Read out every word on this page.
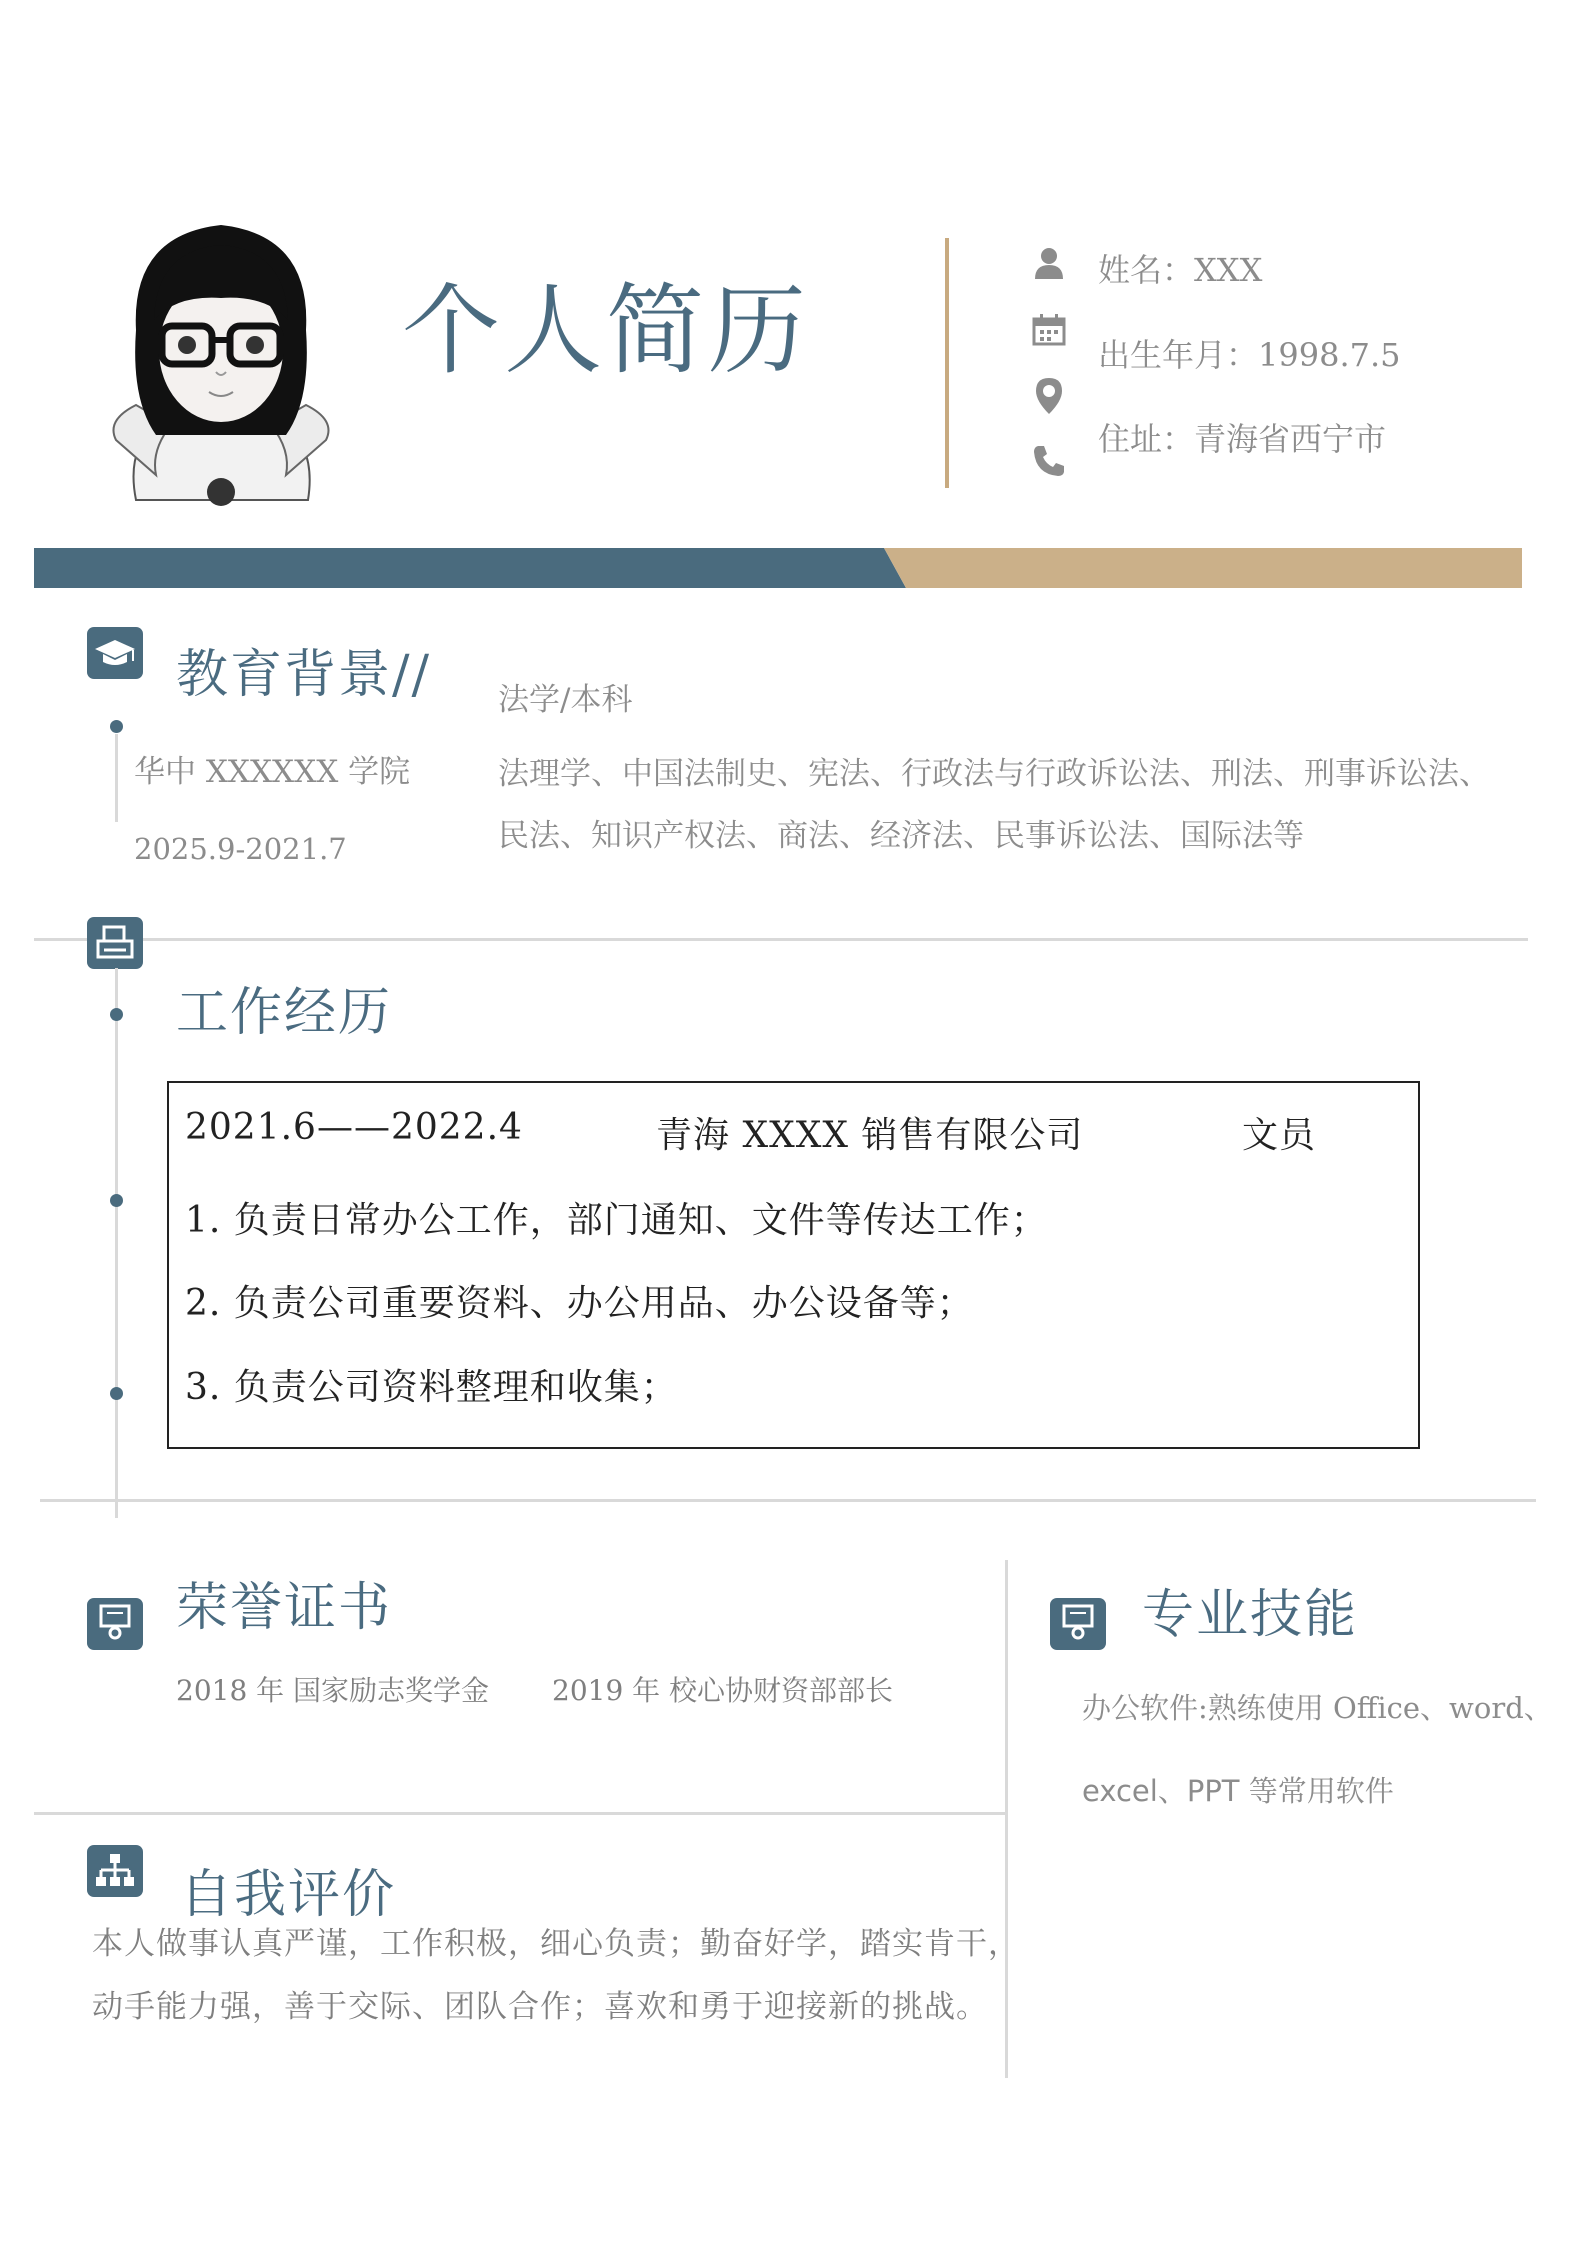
个人简历
姓名：XXX
出生年月：1998.7.5
住址：青海省西宁市
教育背景//
华中 XXXXXX 学院
2025.9-2021.7
法学/本科
法理学、中国法制史、宪法、行政法与行政诉讼法、刑法、刑事诉讼法、
民法、知识产权法、商法、经济法、民事诉讼法、国际法等
工作经历
2021.6——2022.4	青海 XXXX 销售有限公司	文员
1. 负责日常办公工作，部门通知、文件等传达工作；
2. 负责公司重要资料、办公用品、办公设备等；
3. 负责公司资料整理和收集；
荣誉证书
2018 年 国家励志奖学金 2019 年 校心协财资部部长
专业技能
办公软件:熟练使用 Office、word、
excel、PPT 等常用软件
自我评价
本人做事认真严谨，工作积极，细心负责；勤奋好学，踏实肯干，
动手能力强，善于交际、团队合作；喜欢和勇于迎接新的挑战。
